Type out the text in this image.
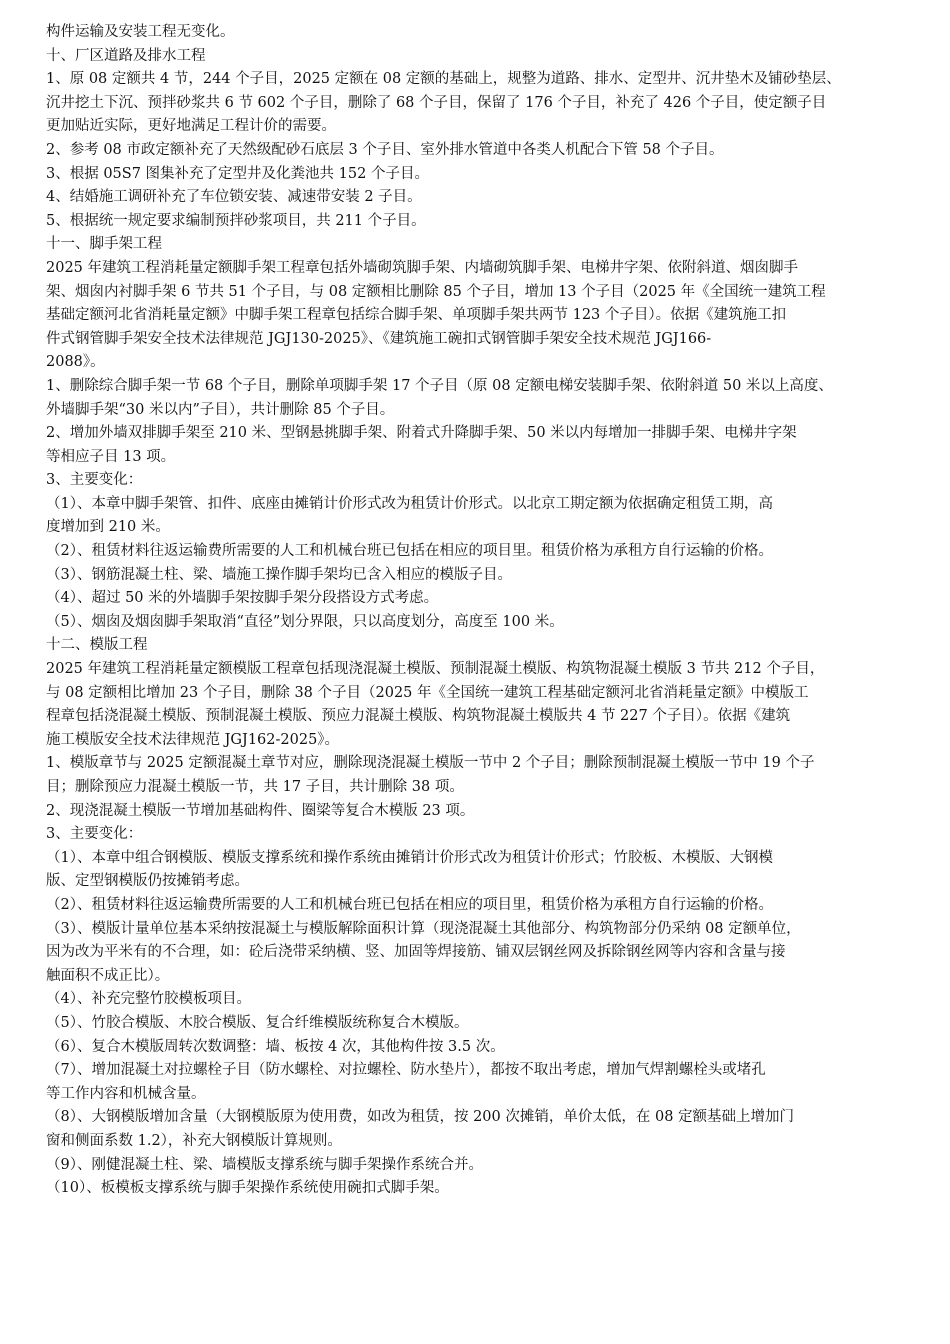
构件运输及安装工程无变化。
十、厂区道路及排水工程
1、原 08 定额共 4 节，244 个子目，2025 定额在 08 定额的基础上，规整为道路、排水、定型井、沉井垫木及铺砂垫层、
沉井挖土下沉、预拌砂浆共 6 节 602 个子目，删除了 68 个子目，保留了 176 个子目，补充了 426 个子目，使定额子目
更加贴近实际，更好地满足工程计价的需要。
2、参考 08 市政定额补充了天然级配砂石底层 3 个子目、室外排水管道中各类人机配合下管 58 个子目。
3、根据 05S7 图集补充了定型井及化粪池共 152 个子目。
4、结婚施工调研补充了车位锁安装、减速带安装 2 子目。
5、根据统一规定要求编制预拌砂浆项目，共 211 个子目。
十一、脚手架工程
2025 年建筑工程消耗量定额脚手架工程章包括外墙砌筑脚手架、内墙砌筑脚手架、电梯井字架、依附斜道、烟囱脚手
架、烟囱内衬脚手架 6 节共 51 个子目，与 08 定额相比删除 85 个子目，增加 13 个子目（2025 年《全国统一建筑工程
基础定额河北省消耗量定额》中脚手架工程章包括综合脚手架、单项脚手架共两节 123 个子目）。依据《建筑施工扣
件式钢管脚手架安全技术法律规范 JGJ130-2025》、《建筑施工碗扣式钢管脚手架安全技术规范 JGJ166-
2088》。
1、删除综合脚手架一节 68 个子目，删除单项脚手架 17 个子目（原 08 定额电梯安装脚手架、依附斜道 50 米以上高度、
外墙脚手架“30 米以内”子目），共计删除 85 个子目。
2、增加外墙双排脚手架至 210 米、型钢悬挑脚手架、附着式升降脚手架、50 米以内每增加一排脚手架、电梯井字架
等相应子目 13 项。
3、主要变化：
（1）、本章中脚手架管、扣件、底座由摊销计价形式改为租赁计价形式。以北京工期定额为依据确定租赁工期，高
度增加到 210 米。
（2）、租赁材料往返运输费所需要的人工和机械台班已包括在相应的项目里。租赁价格为承租方自行运输的价格。
（3）、钢筋混凝土柱、梁、墙施工操作脚手架均已含入相应的模版子目。
（4）、超过 50 米的外墙脚手架按脚手架分段搭设方式考虑。
（5）、烟囱及烟囱脚手架取消“直径”划分界限，只以高度划分，高度至 100 米。
十二、模版工程
2025 年建筑工程消耗量定额模版工程章包括现浇混凝土模版、预制混凝土模版、构筑物混凝土模版 3 节共 212 个子目，
与 08 定额相比增加 23 个子目，删除 38 个子目（2025 年《全国统一建筑工程基础定额河北省消耗量定额》中模版工
程章包括浇混凝土模版、预制混凝土模版、预应力混凝土模版、构筑物混凝土模版共 4 节 227 个子目）。依据《建筑
施工模版安全技术法律规范 JGJ162-2025》。
1、模版章节与 2025 定额混凝土章节对应，删除现浇混凝土模版一节中 2 个子目；删除预制混凝土模版一节中 19 个子
目；删除预应力混凝土模版一节，共 17 子目，共计删除 38 项。
2、现浇混凝土模版一节增加基础构件、圈梁等复合木模版 23 项。
3、主要变化：
（1）、本章中组合钢模版、模版支撑系统和操作系统由摊销计价形式改为租赁计价形式；竹胶板、木模版、大钢模
版、定型钢模版仍按摊销考虑。
（2）、租赁材料往返运输费所需要的人工和机械台班已包括在相应的项目里，租赁价格为承租方自行运输的价格。
（3）、模版计量单位基本采纳按混凝土与模版解除面积计算（现浇混凝土其他部分、构筑物部分仍采纳 08 定额单位，
因为改为平米有的不合理，如：砼后浇带采纳横、竖、加固等焊接筋、铺双层钢丝网及拆除钢丝网等内容和含量与接
触面积不成正比）。
（4）、补充完整竹胶模板项目。
（5）、竹胶合模版、木胶合模版、复合纤维模版统称复合木模版。
（6）、复合木模版周转次数调整：墙、板按 4 次，其他构件按 3.5 次。
（7）、增加混凝土对拉螺栓子目（防水螺栓、对拉螺栓、防水垫片），都按不取出考虑，增加气焊割螺栓头或堵孔
等工作内容和机械含量。
（8）、大钢模版增加含量（大钢模版原为使用费，如改为租赁，按 200 次摊销，单价太低，在 08 定额基础上增加门
窗和侧面系数 1.2），补充大钢模版计算规则。
（9）、刚健混凝土柱、梁、墙模版支撑系统与脚手架操作系统合并。
（10）、板模板支撑系统与脚手架操作系统使用碗扣式脚手架。
